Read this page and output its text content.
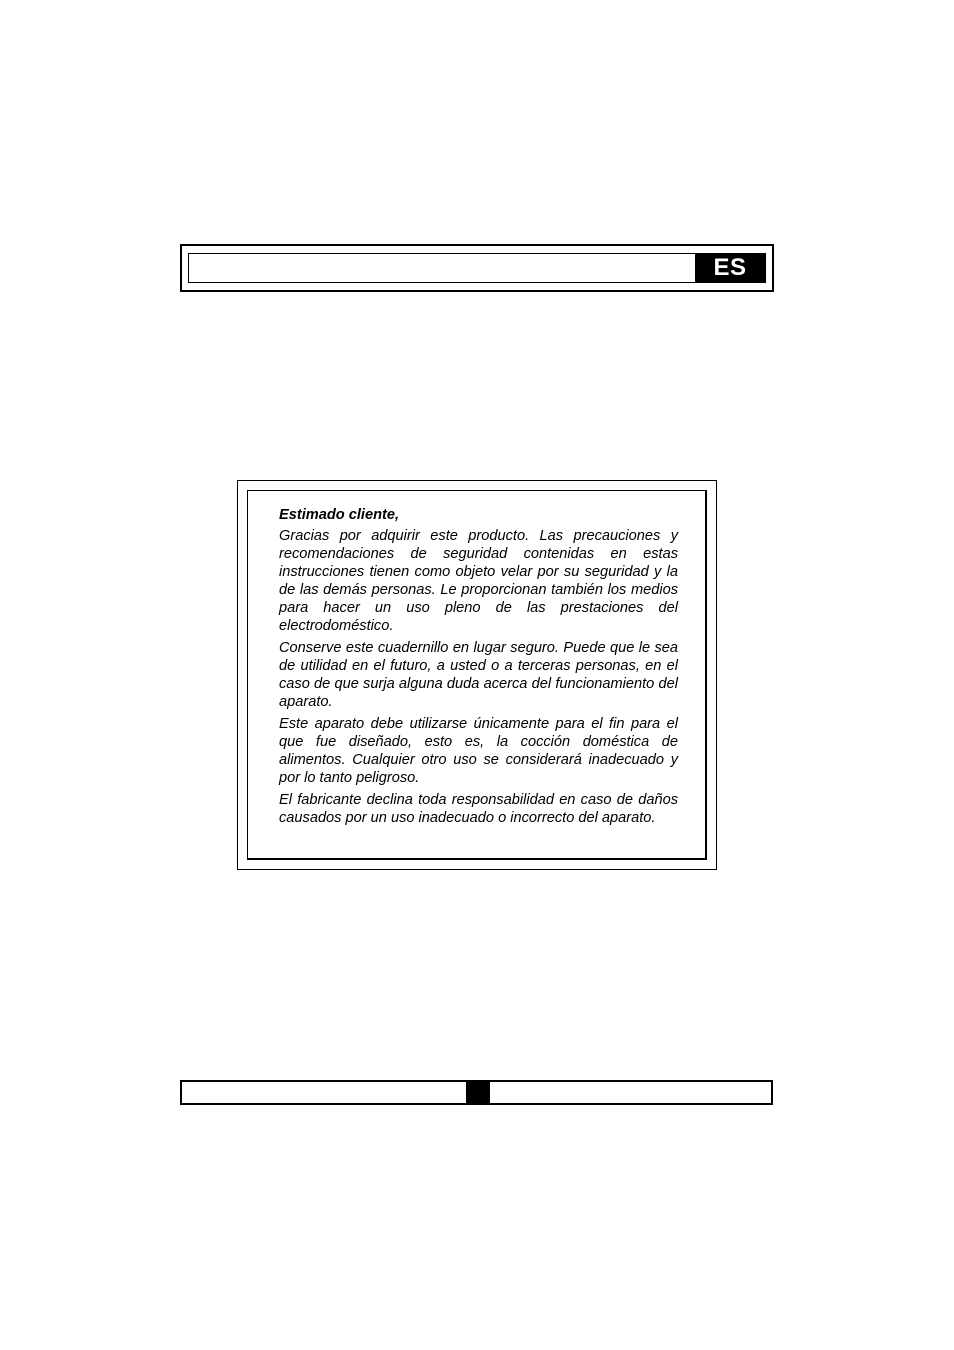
ES

Estimado cliente,

Gracias por adquirir este producto. Las precauciones y recomendaciones de seguridad contenidas en estas instrucciones tienen como objeto velar por su seguridad y la de las demás personas. Le proporcionan también los medios para hacer un uso pleno de las prestaciones del electrodoméstico.

Conserve este cuadernillo en lugar seguro. Puede que le sea de utilidad en el futuro, a usted o a terceras personas, en el caso de que surja alguna duda acerca del funcionamiento del aparato.

Este aparato debe utilizarse únicamente para el fin para el que fue diseñado, esto es, la cocción doméstica de alimentos. Cualquier otro uso se considerará inadecuado y por lo tanto peligroso.

El fabricante declina toda responsabilidad en caso de daños causados por un uso inadecuado o incorrecto del aparato.
